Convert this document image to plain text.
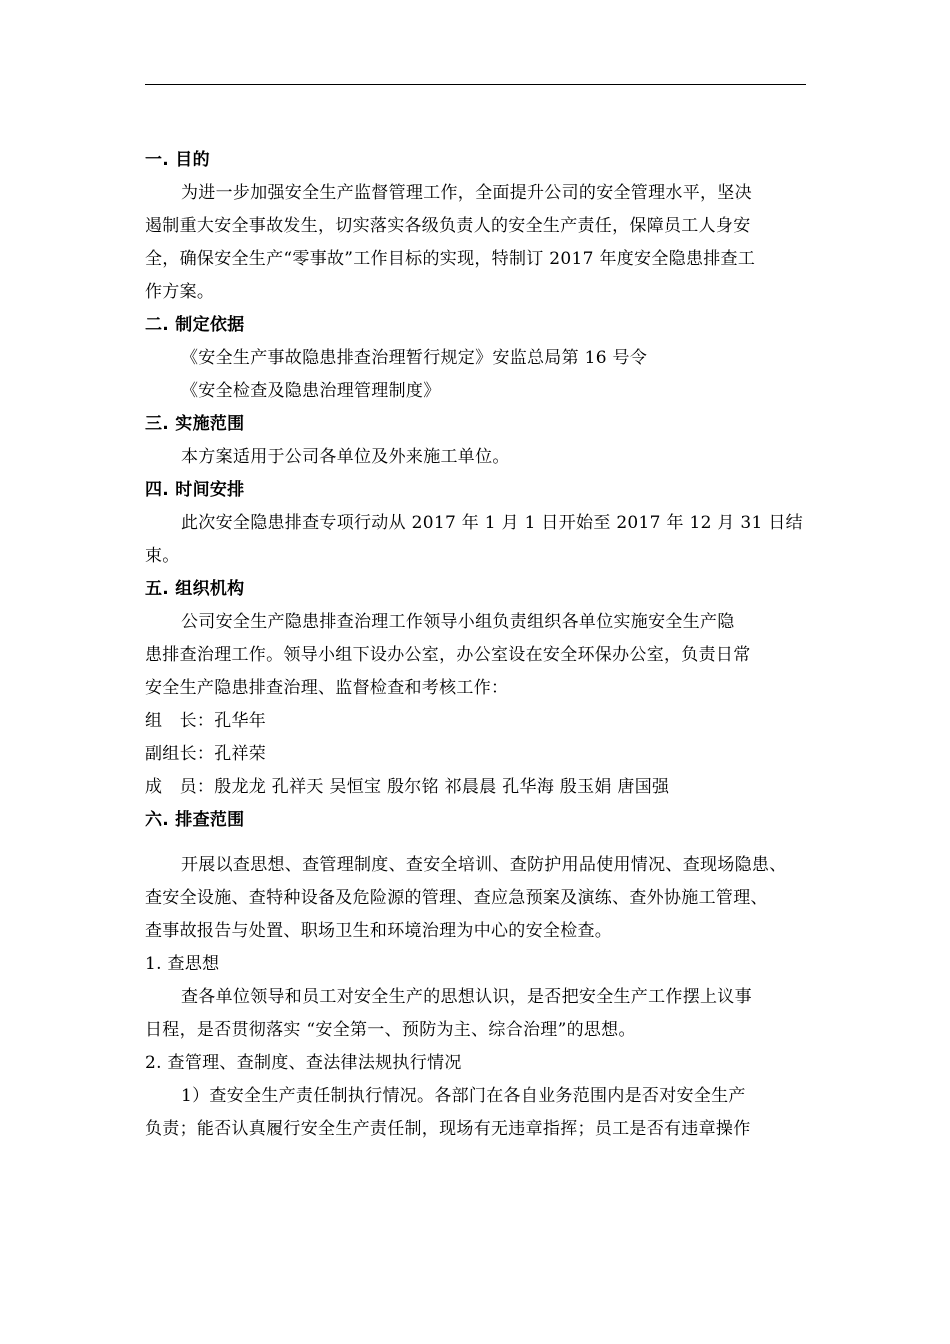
一. 目的
为进一步加强安全生产监督管理工作，全面提升公司的安全管理水平，坚决
遏制重大安全事故发生，切实落实各级负责人的安全生产责任，保障员工人身安
全，确保安全生产“零事故”工作目标的实现，特制订 2017 年度安全隐患排查工
作方案。
二. 制定依据
《安全生产事故隐患排查治理暂行规定》安监总局第 16 号令
《安全检查及隐患治理管理制度》
三. 实施范围
本方案适用于公司各单位及外来施工单位。
四. 时间安排
此次安全隐患排查专项行动从 2017 年 1 月 1 日开始至 2017 年 12 月 31 日结
束。
五. 组织机构
公司安全生产隐患排查治理工作领导小组负责组织各单位实施安全生产隐
患排查治理工作。领导小组下设办公室，办公室设在安全环保办公室，负责日常
安全生产隐患排查治理、监督检查和考核工作：
组　长：孔华年
副组长：孔祥荣
成　员：殷龙龙 孔祥天 吴恒宝 殷尔铭 祁晨晨 孔华海 殷玉娟 唐国强
六. 排查范围
开展以查思想、查管理制度、查安全培训、查防护用品使用情况、查现场隐患、
查安全设施、查特种设备及危险源的管理、查应急预案及演练、查外协施工管理、
查事故报告与处置、职场卫生和环境治理为中心的安全检查。
1. 查思想
查各单位领导和员工对安全生产的思想认识，是否把安全生产工作摆上议事
日程，是否贯彻落实 “安全第一、预防为主、综合治理”的思想。
2. 查管理、查制度、查法律法规执行情况
1）查安全生产责任制执行情况。各部门在各自业务范围内是否对安全生产
负责；能否认真履行安全生产责任制，现场有无违章指挥；员工是否有违章操作
